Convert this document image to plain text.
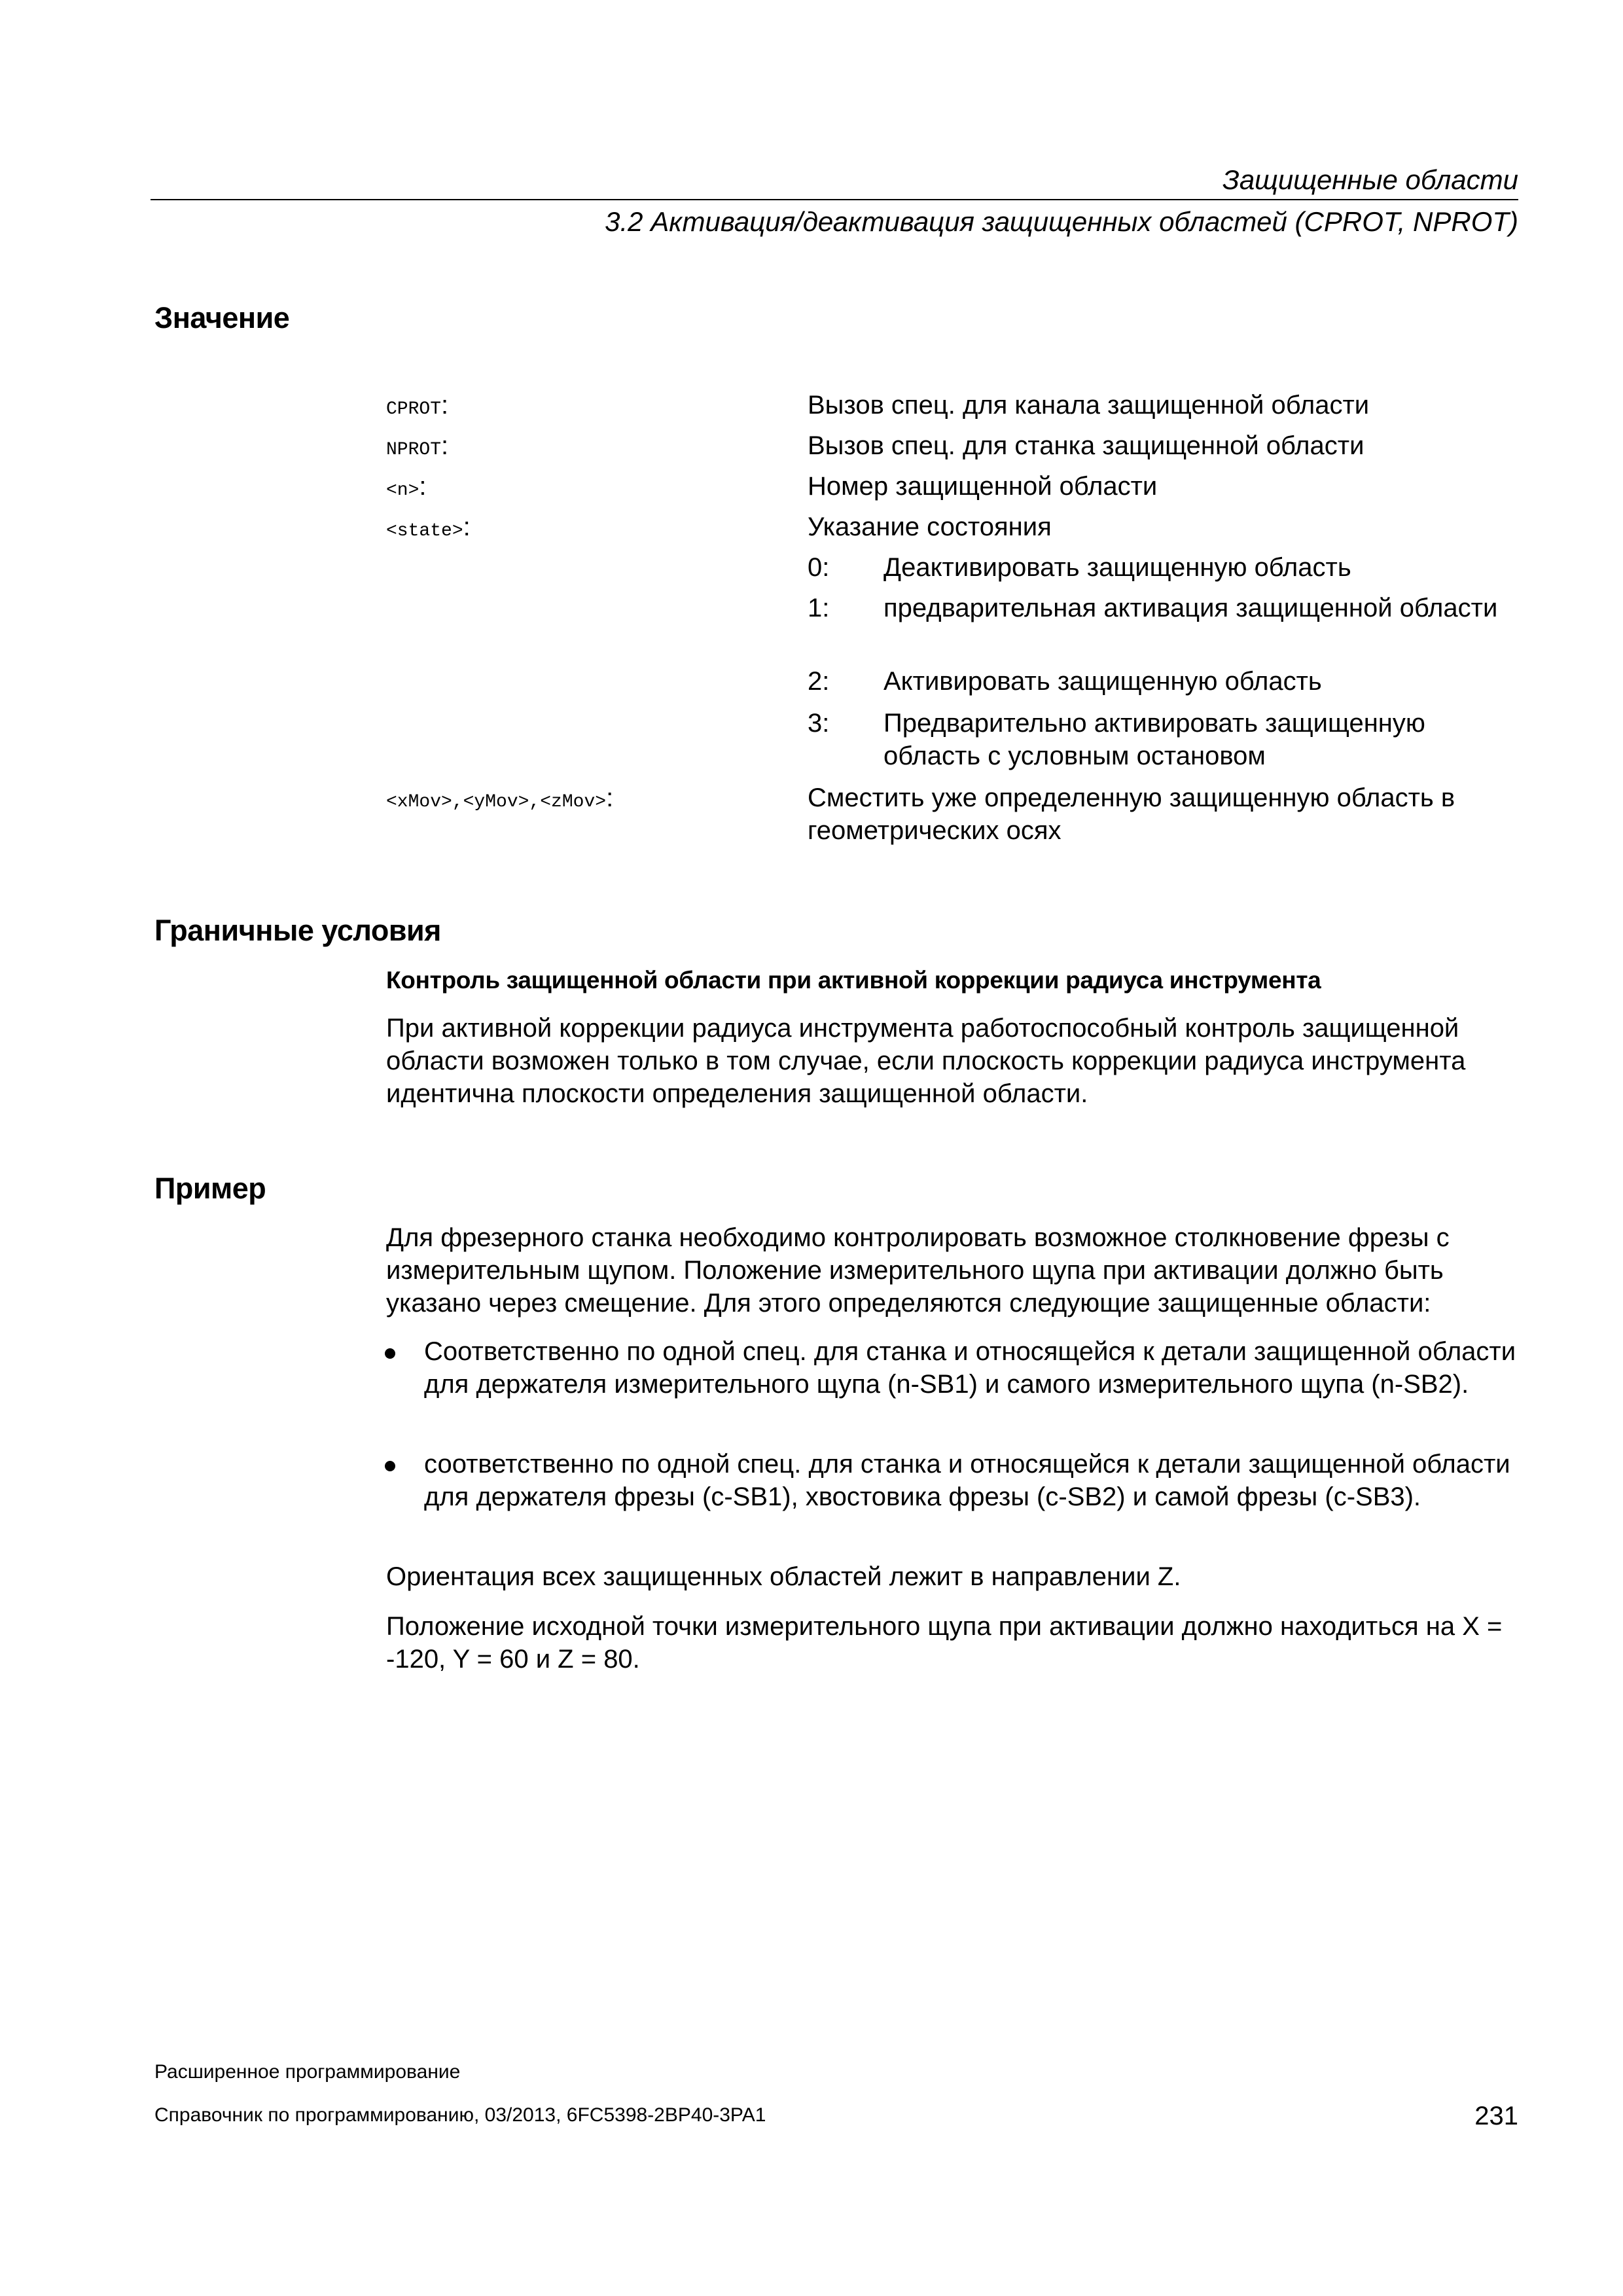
Защищенные области
3.2 Активация/деактивация защищенных областей (CPROT, NPROT)
Значение
CPROT:	Вызов спец. для канала защищенной области
NPROT:	Вызов спец. для станка защищенной области
<n>:	Номер защищенной области
<state>:	Указание состояния
0: Деактивировать защищенную область
1: предварительная активация защищенной области
2: Активировать защищенную область
3: Предварительно активировать защищенную область с условным остановом
<xMov>,<yMov>,<zMov>:	Сместить уже определенную защищенную область в геометрических осях
Граничные условия
Контроль защищенной области при активной коррекции радиуса инструмента
При активной коррекции радиуса инструмента работоспособный контроль защищенной области возможен только в том случае, если плоскость коррекции радиуса инструмента идентична плоскости определения защищенной области.
Пример
Для фрезерного станка необходимо контролировать возможное столкновение фрезы с измерительным щупом. Положение измерительного щупа при активации должно быть указано через смещение. Для этого определяются следующие защищенные области:
Соответственно по одной спец. для станка и относящейся к детали защищенной области для держателя измерительного щупа (n-SB1) и самого измерительного щупа (n-SB2).
соответственно по одной спец. для станка и относящейся к детали защищенной области для держателя фрезы (c-SB1), хвостовика фрезы (c-SB2) и самой фрезы (c-SB3).
Ориентация всех защищенных областей лежит в направлении Z.
Положение исходной точки измерительного щупа при активации должно находиться на X = -120, Y = 60 и Z = 80.
Расширенное программирование
Справочник по программированию, 03/2013, 6FC5398-2BP40-3PA1	231
